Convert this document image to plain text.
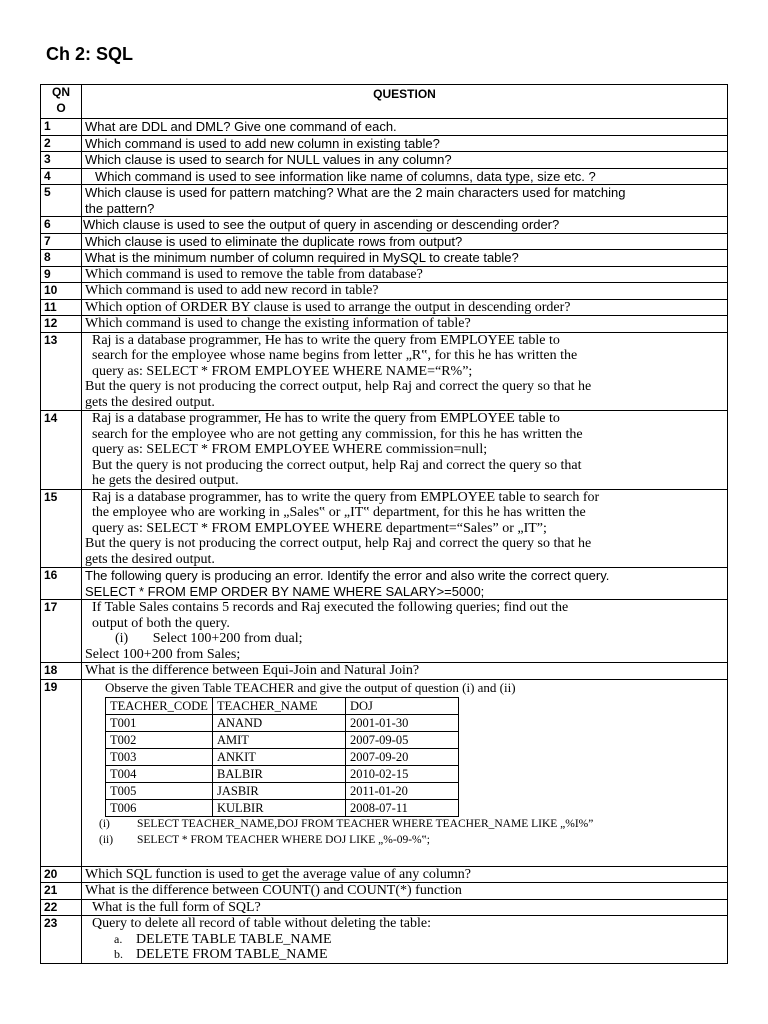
Ch 2: SQL
QN O	QUESTION
1	What are DDL and DML? Give one command of each.

2	Which command is used to add new column in existing table?

3	Which clause is used to search for NULL values in any column?

4	Which command is used to see information like name of columns, data type, size etc. ?

5	Which clause is used for pattern matching? What are the 2 main characters used for matching
the pattern?

6	Which clause is used to see the output of query in ascending or descending order?

7	Which clause is used to eliminate the duplicate rows from output?

8	What is the minimum number of column required in MySQL to create table?

9	Which command is used to remove the table from database?

10	Which command is used to add new record in table?

11	Which option of ORDER BY clause is used to arrange the output in descending order?

12	Which command is used to change the existing information of table?

13	Raj is a database programmer, He has to write the query from EMPLOYEE table to
search for the employee whose name begins from letter „R‟, for this he has written the
query as: SELECT * FROM EMPLOYEE WHERE NAME=“R%”;
But the query is not producing the correct output, help Raj and correct the query so that he
gets the desired output.

14	Raj is a database programmer, He has to write the query from EMPLOYEE table to
search for the employee who are not getting any commission, for this he has written the
query as: SELECT * FROM EMPLOYEE WHERE commission=null;
But the query is not producing the correct output, help Raj and correct the query so that
he gets the desired output.

15	Raj is a database programmer, has to write the query from EMPLOYEE table to search for
the employee who are working in „Sales‟ or „IT‟ department, for this he has written the
query as: SELECT * FROM EMPLOYEE WHERE department=“Sales” or „IT”;
But the query is not producing the correct output, help Raj and correct the query so that he
gets the desired output.

16	The following query is producing an error. Identify the error and also write the correct query.
SELECT * FROM EMP ORDER BY NAME WHERE SALARY>=5000;

17	If Table Sales contains 5 records and Raj executed the following queries; find out the
output of both the query.
(i)       Select 100+200 from dual;
Select 100+200 from Sales;

18	What is the difference between Equi-Join and Natural Join?

19	Observe the given Table TEACHER and give the output of question (i) and (ii)
TEACHER_CODE	TEACHER_NAME	DOJ
T001	ANAND	2001-01-30
T002	AMIT	2007-09-05
T003	ANKIT	2007-09-20
T004	BALBIR	2010-02-15
T005	JASBIR	2011-01-20
T006	KULBIR	2008-07-11
(i) SELECT TEACHER_NAME,DOJ FROM TEACHER WHERE TEACHER_NAME LIKE „%I%”
(ii) SELECT * FROM TEACHER WHERE DOJ LIKE „%-09-%‟;

20	Which SQL function is used to get the average value of any column?

21	What is the difference between COUNT() and COUNT(*) function

22	What is the full form of SQL?

23	Query to delete all record of table without deleting the table:
a. DELETE TABLE TABLE_NAME
b. DELETE FROM TABLE_NAME
